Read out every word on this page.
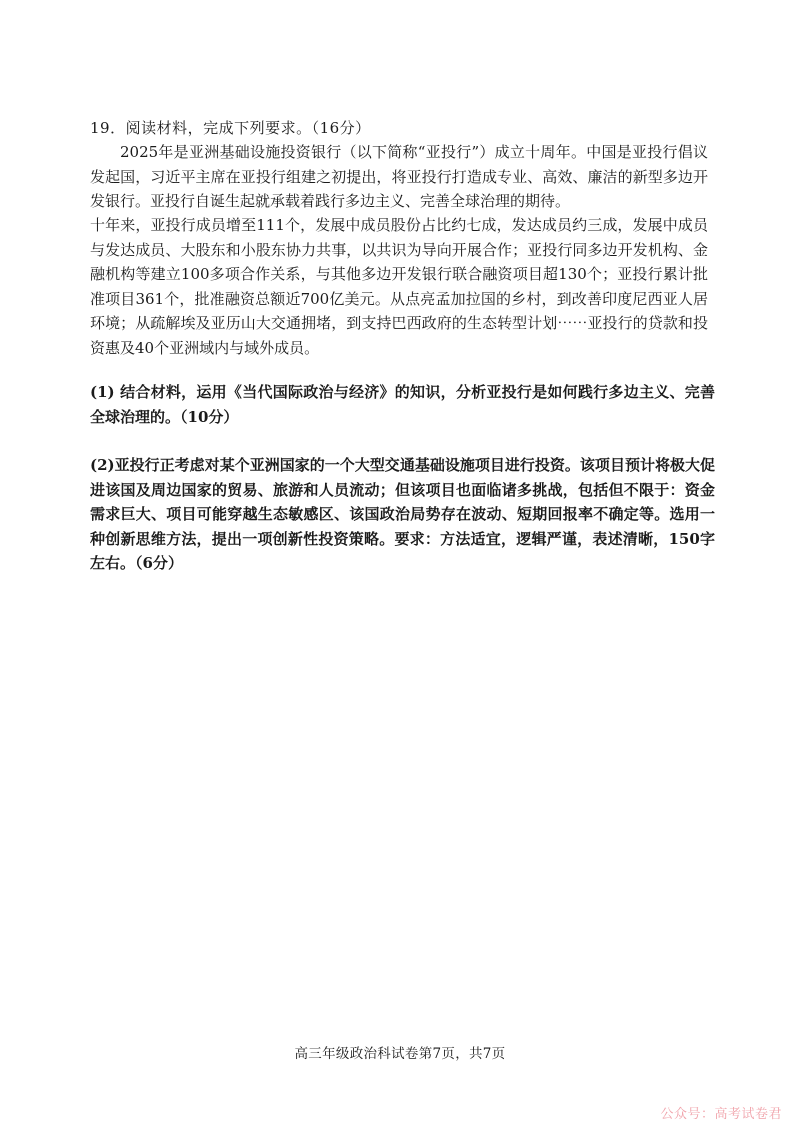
19．阅读材料，完成下列要求。（16分）
2025年是亚洲基础设施投资银行（以下简称“亚投行”）成立十周年。中国是亚投行倡议发起国，习近平主席在亚投行组建之初提出，将亚投行打造成专业、高效、廉洁的新型多边开发银行。亚投行自诞生起就承载着践行多边主义、完善全球治理的期待。
十年来，亚投行成员增至111个，发展中成员股份占比约七成，发达成员约三成，发展中成员与发达成员、大股东和小股东协力共事，以共识为导向开展合作；亚投行同多边开发机构、金融机构等建立100多项合作关系，与其他多边开发银行联合融资项目超130个；亚投行累计批准项目361个，批准融资总额近700亿美元。从点亮孟加拉国的乡村，到改善印度尼西亚人居环境；从疏解埃及亚历山大交通拥堵，到支持巴西政府的生态转型计划⋯⋯亚投行的贷款和投资惠及40个亚洲域内与域外成员。
(1) 结合材料，运用《当代国际政治与经济》的知识，分析亚投行是如何践行多边主义、完善全球治理的。（10分）
(2)亚投行正考虑对某个亚洲国家的一个大型交通基础设施项目进行投资。该项目预计将极大促进该国及周边国家的贸易、旅游和人员流动；但该项目也面临诸多挑战，包括但不限于：资金需求巨大、项目可能穿越生态敏感区、该国政治局势存在波动、短期回报率不确定等。选用一种创新思维方法，提出一项创新性投资策略。要求：方法适宜，逻辑严谨，表述清晰，150字左右。（6分）
高三年级政治科试卷第7页，共7页
公众号：高考试卷君
